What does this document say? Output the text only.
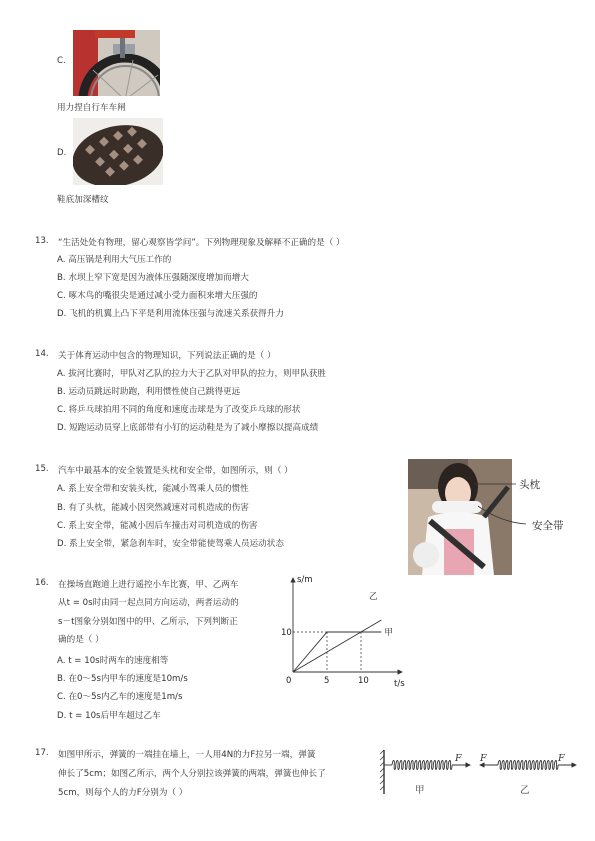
C.
用力捏自行车车闸
D.
鞋底加深槽纹
13. “生活处处有物理，留心观察皆学问”。下列物理现象及解释不正确的是（ ）
A. 高压锅是利用大气压工作的
B. 水坝上窄下宽是因为液体压强随深度增加而增大
C. 啄木鸟的嘴很尖是通过减小受力面积来增大压强的
D. 飞机的机翼上凸下平是利用流体压强与流速关系获得升力
14. 关于体育运动中包含的物理知识，下列说法正确的是（ ）
A. 拔河比赛时，甲队对乙队的拉力大于乙队对甲队的拉力，则甲队获胜
B. 运动员跳远时助跑，利用惯性使自己跳得更远
C. 将乒乓球拍用不同的角度和速度击球是为了改变乒乓球的形状
D. 短跑运动员穿上底部带有小钉的运动鞋是为了减小摩擦以提高成绩
15. 汽车中最基本的安全装置是头枕和安全带，如图所示，则（ ）
A. 系上安全带和安装头枕，能减小驾乘人员的惯性
B. 有了头枕，能减小因突然减速对司机造成的伤害
C. 系上安全带，能减小因后车撞击对司机造成的伤害
D. 系上安全带，紧急刹车时，安全带能使驾乘人员运动状态
头枕
安全带
16. 在操场直跑道上进行遥控小车比赛，甲、乙两车
从t = 0s时由同一起点同方向运动，两者运动的
s－t图象分别如图中的甲、乙所示，下列判断正
确的是（ ）
A. t = 10s时两车的速度相等
B. 在0～5s内甲车的速度是10m/s
C. 在0～5s内乙车的速度是1m/s
D. t = 10s后甲车超过乙车
甲
乙
s/m
t/s
0	5	10
10
17. 如图甲所示，弹簧的一端挂在墙上，一人用4N的力F拉另一端，弹簧
伸长了5cm；如图乙所示，两个人分别拉该弹簧的两端，弹簧也伸长了
5cm，则每个人的力F分别为（ ）
F F	F
甲	乙
